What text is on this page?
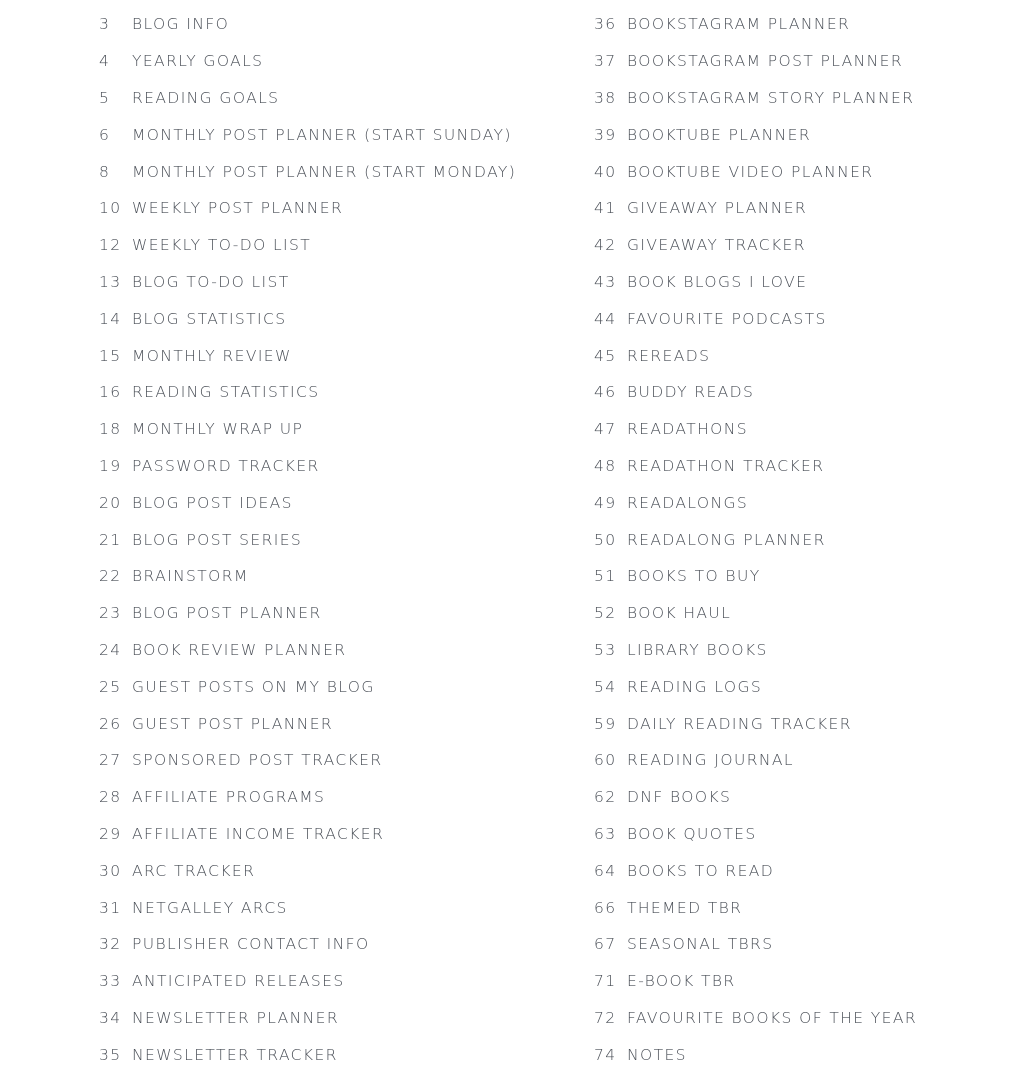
3	BLOG INFO
4	YEARLY GOALS
5	READING GOALS
6	MONTHLY POST PLANNER (START SUNDAY)
8	MONTHLY POST PLANNER (START MONDAY)
10 WEEKLY POST PLANNER
12 WEEKLY TO-DO LIST
13 BLOG TO-DO LIST
14 BLOG STATISTICS
15 MONTHLY REVIEW
16 READING STATISTICS
18 MONTHLY WRAP UP
19 PASSWORD TRACKER
20 BLOG POST IDEAS
21 BLOG POST SERIES
22 BRAINSTORM
23 BLOG POST PLANNER
24 BOOK REVIEW PLANNER
25 GUEST POSTS ON MY BLOG
26 GUEST POST PLANNER
27 SPONSORED POST TRACKER
28 AFFILIATE PROGRAMS
29 AFFILIATE INCOME TRACKER
30 ARC TRACKER
31 NETGALLEY ARCS
32 PUBLISHER CONTACT INFO
33 ANTICIPATED RELEASES
34 NEWSLETTER PLANNER
35 NEWSLETTER TRACKER
36 BOOKSTAGRAM PLANNER
37 BOOKSTAGRAM POST PLANNER
38 BOOKSTAGRAM STORY PLANNER
39 BOOKTUBE PLANNER
40 BOOKTUBE VIDEO PLANNER
41 GIVEAWAY PLANNER
42 GIVEAWAY TRACKER
43 BOOK BLOGS I LOVE
44 FAVOURITE PODCASTS
45 REREADS
46 BUDDY READS
47 READATHONS
48 READATHON TRACKER
49 READALONGS
50 READALONG PLANNER
51 BOOKS TO BUY
52 BOOK HAUL
53 LIBRARY BOOKS
54 READING LOGS
59 DAILY READING TRACKER
60 READING JOURNAL
62 DNF BOOKS
63 BOOK QUOTES
64 BOOKS TO READ
66 THEMED TBR
67 SEASONAL TBRS
71 E-BOOK TBR
72 FAVOURITE BOOKS OF THE YEAR
74 NOTES
